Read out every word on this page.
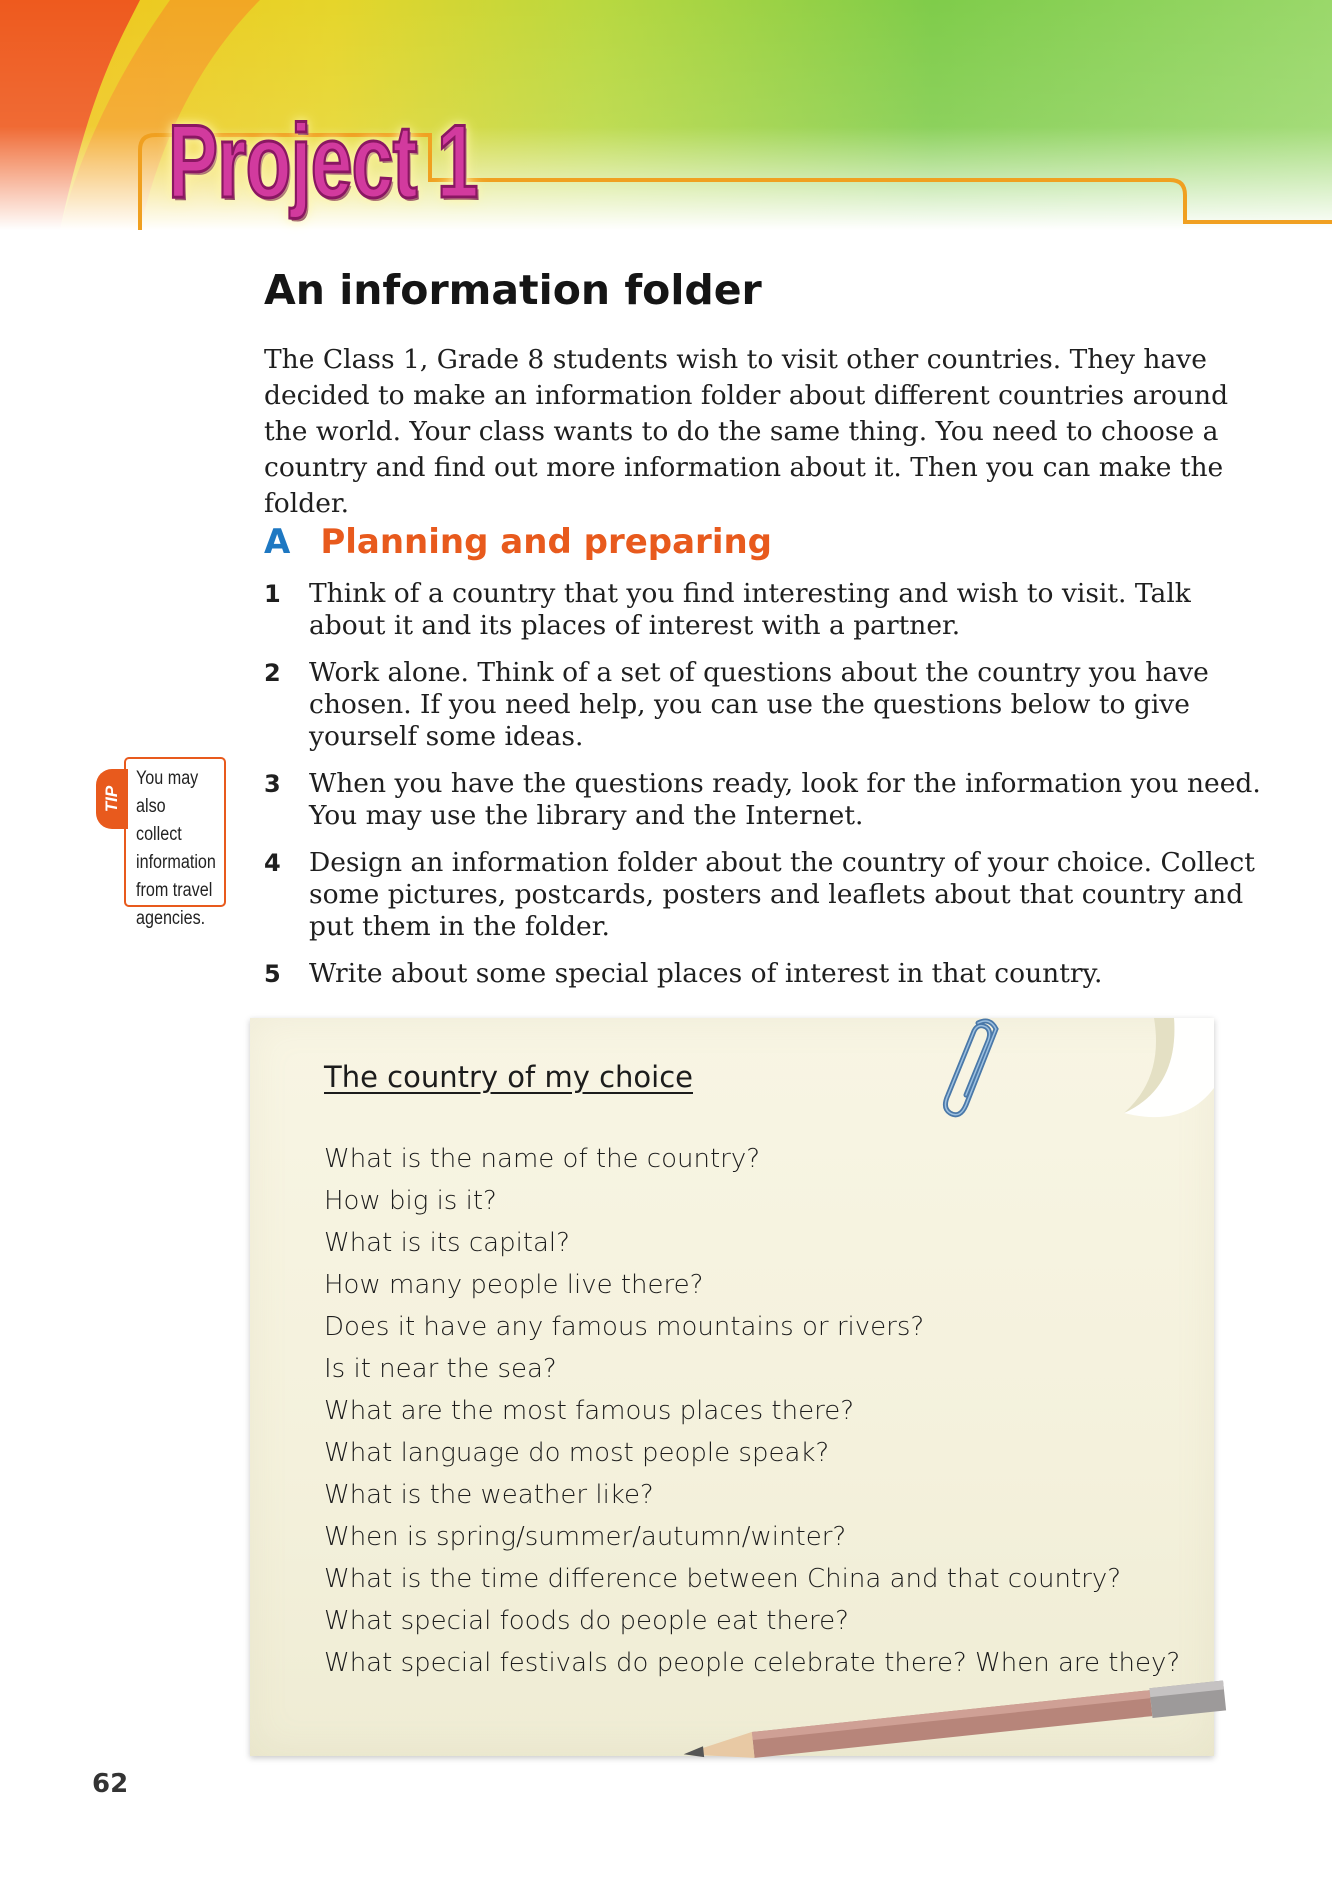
Project 1
An information folder

The Class 1, Grade 8 students wish to visit other countries. They have decided to make an information folder about different countries around the world. Your class wants to do the same thing. You need to choose a country and find out more information about it. Then you can make the folder.

A Planning and preparing
1 Think of a country that you find interesting and wish to visit. Talk about it and its places of interest with a partner.
2 Work alone. Think of a set of questions about the country you have chosen. If you need help, you can use the questions below to give yourself some ideas.
3 When you have the questions ready, look for the information you need. You may use the library and the Internet.
4 Design an information folder about the country of your choice. Collect some pictures, postcards, posters and leaflets about that country and put them in the folder.
5 Write about some special places of interest in that country.
TIP
You may also collect information from travel agencies.
The country of my choice
What is the name of the country?
How big is it?
What is its capital?
How many people live there?
Does it have any famous mountains or rivers?
Is it near the sea?
What are the most famous places there?
What language do most people speak?
What is the weather like?
When is spring/summer/autumn/winter?
What is the time difference between China and that country?
What special foods do people eat there?
What special festivals do people celebrate there? When are they?
62
